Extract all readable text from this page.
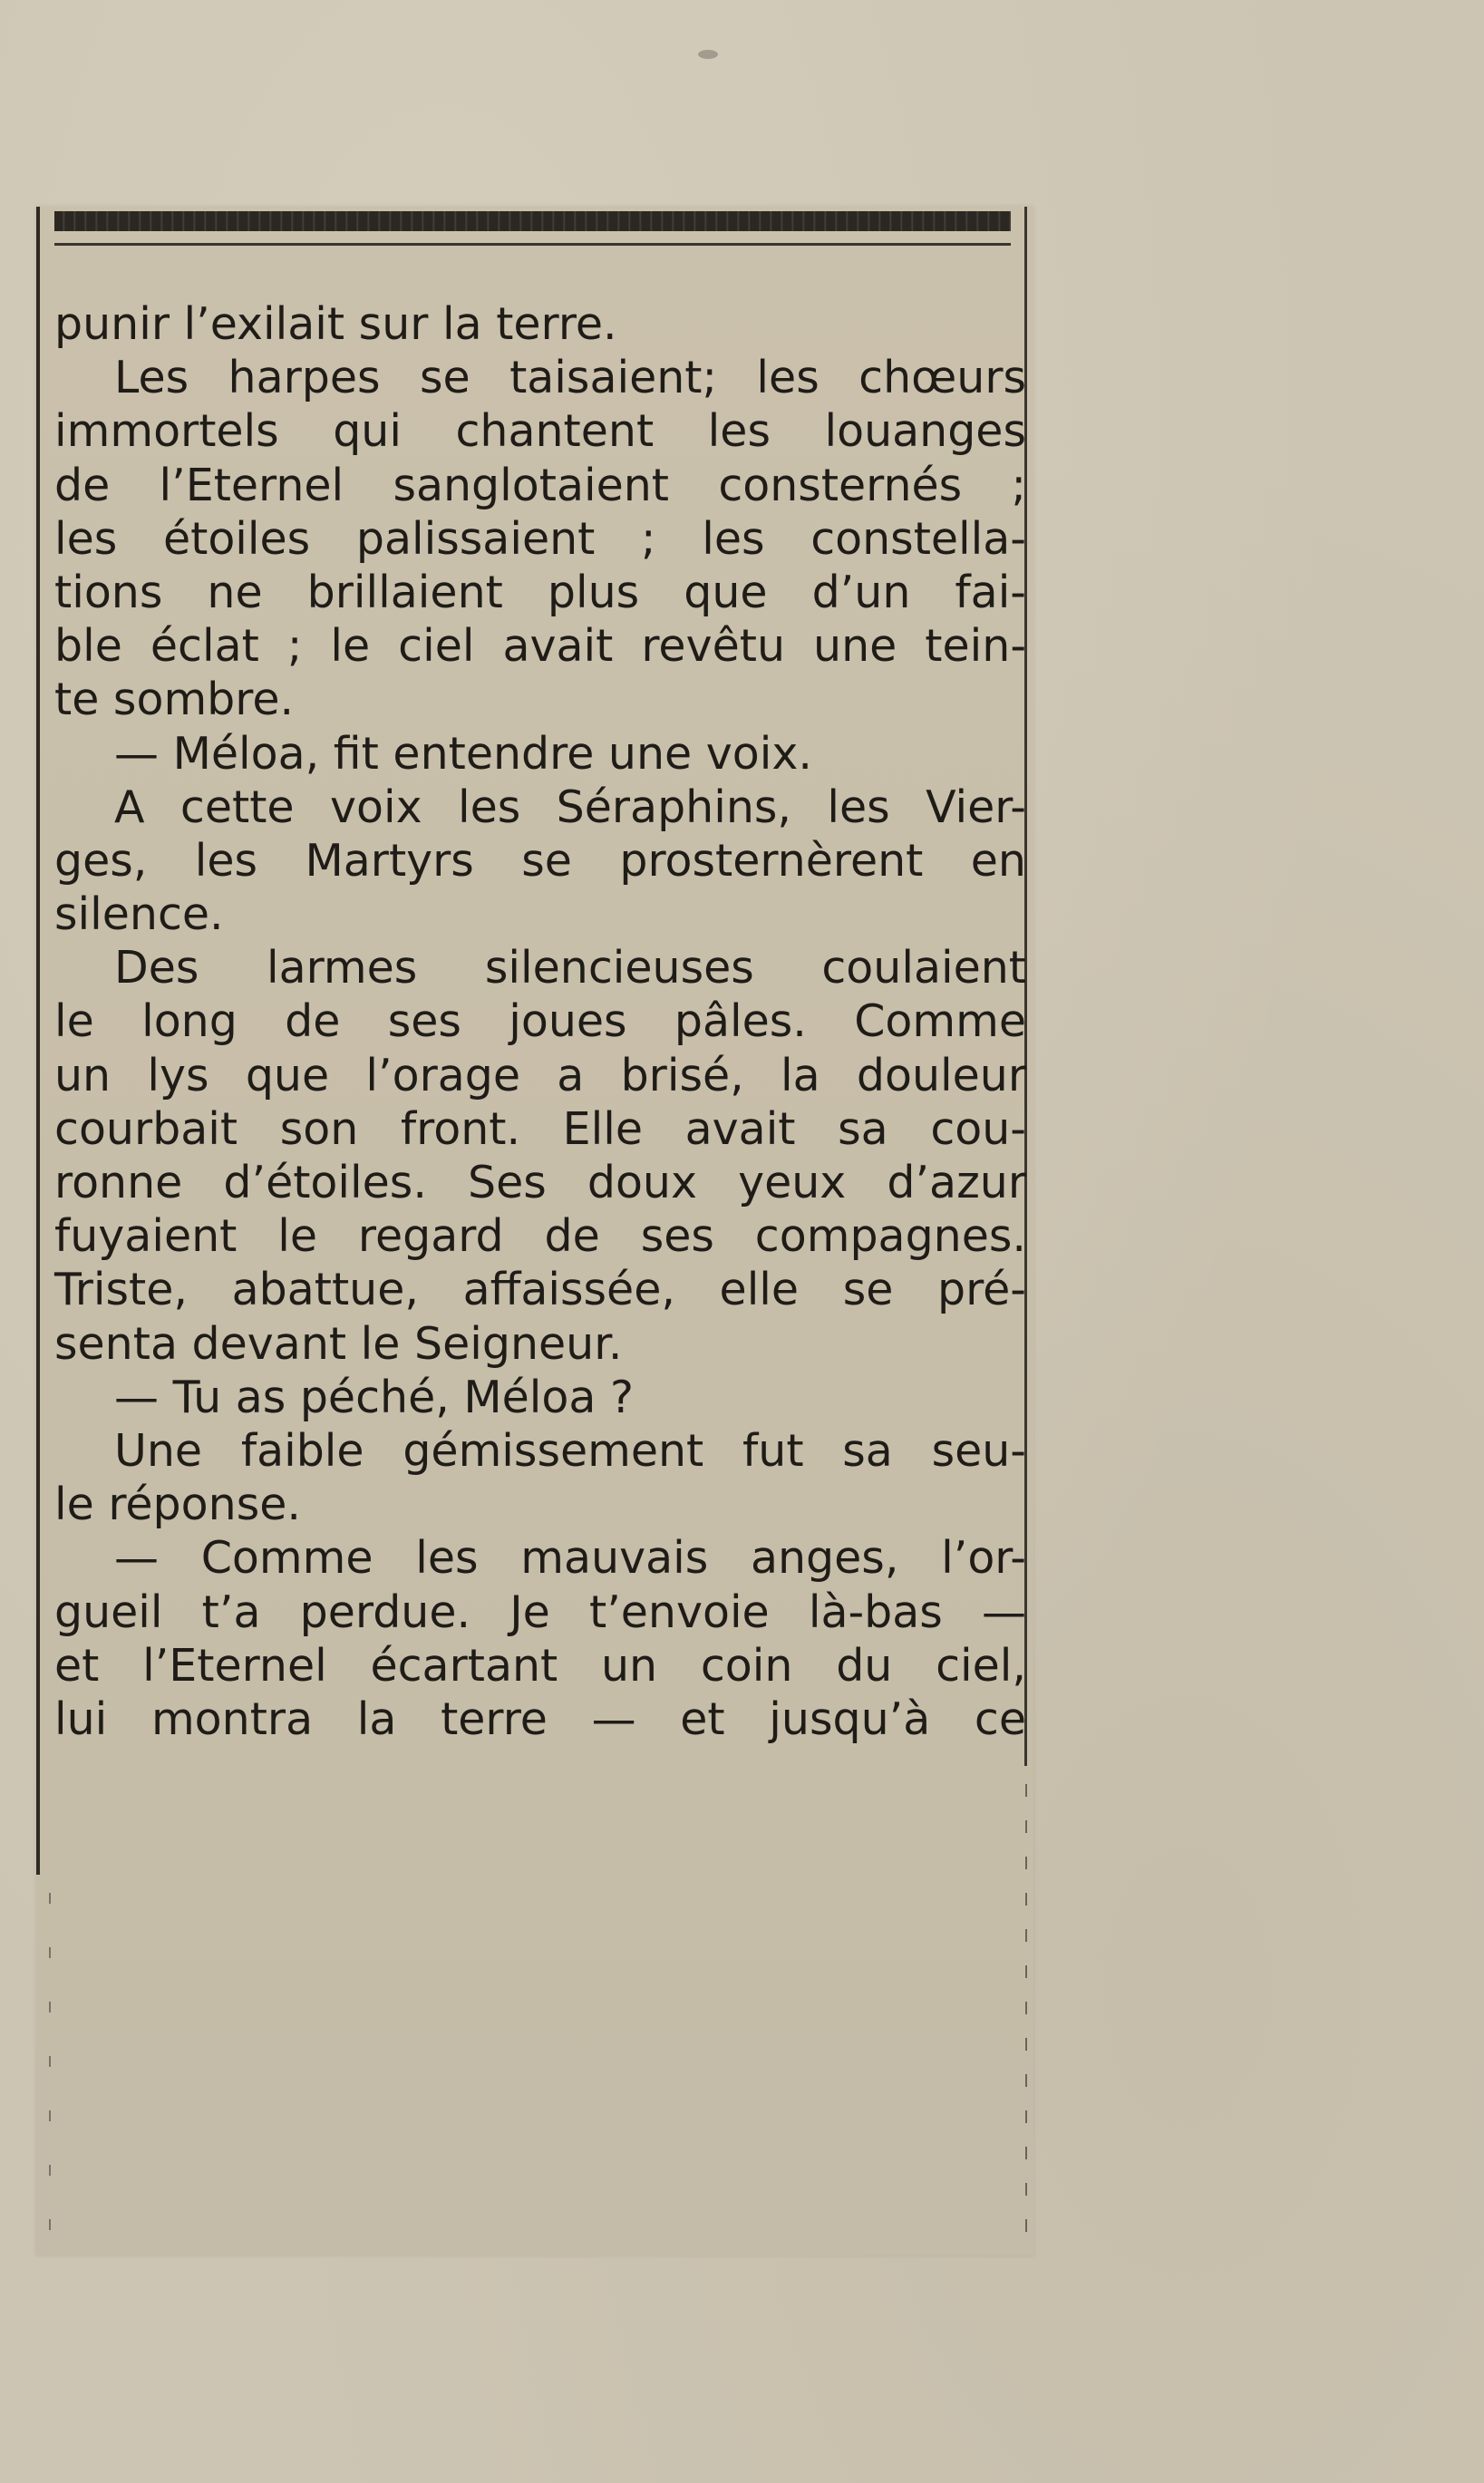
punir l’exilait sur la terre.
Les harpes se taisaient; les chœurs
immortels qui chantent les louanges
de l’Eternel sanglotaient consternés ;
les étoiles palissaient ; les constella-
tions ne brillaient plus que d’un fai-
ble éclat ; le ciel avait revêtu une tein-
te sombre.
— Méloa, fit entendre une voix.
A cette voix les Séraphins, les Vier-
ges, les Martyrs se prosternèrent en
silence.
Des larmes silencieuses coulaient
le long de ses joues pâles. Comme
un lys que l’orage a brisé, la douleur
courbait son front. Elle avait sa cou-
ronne d’étoiles. Ses doux yeux d’azur
fuyaient le regard de ses compagnes.
Triste, abattue, affaissée, elle se pré-
senta devant le Seigneur.
— Tu as péché, Méloa ?
Une faible gémissement fut sa seu-
le réponse.
— Comme les mauvais anges, l’or-
gueil t’a perdue. Je t’envoie là-bas —
et l’Eternel écartant un coin du ciel,
lui montra la terre — et jusqu’à ce
